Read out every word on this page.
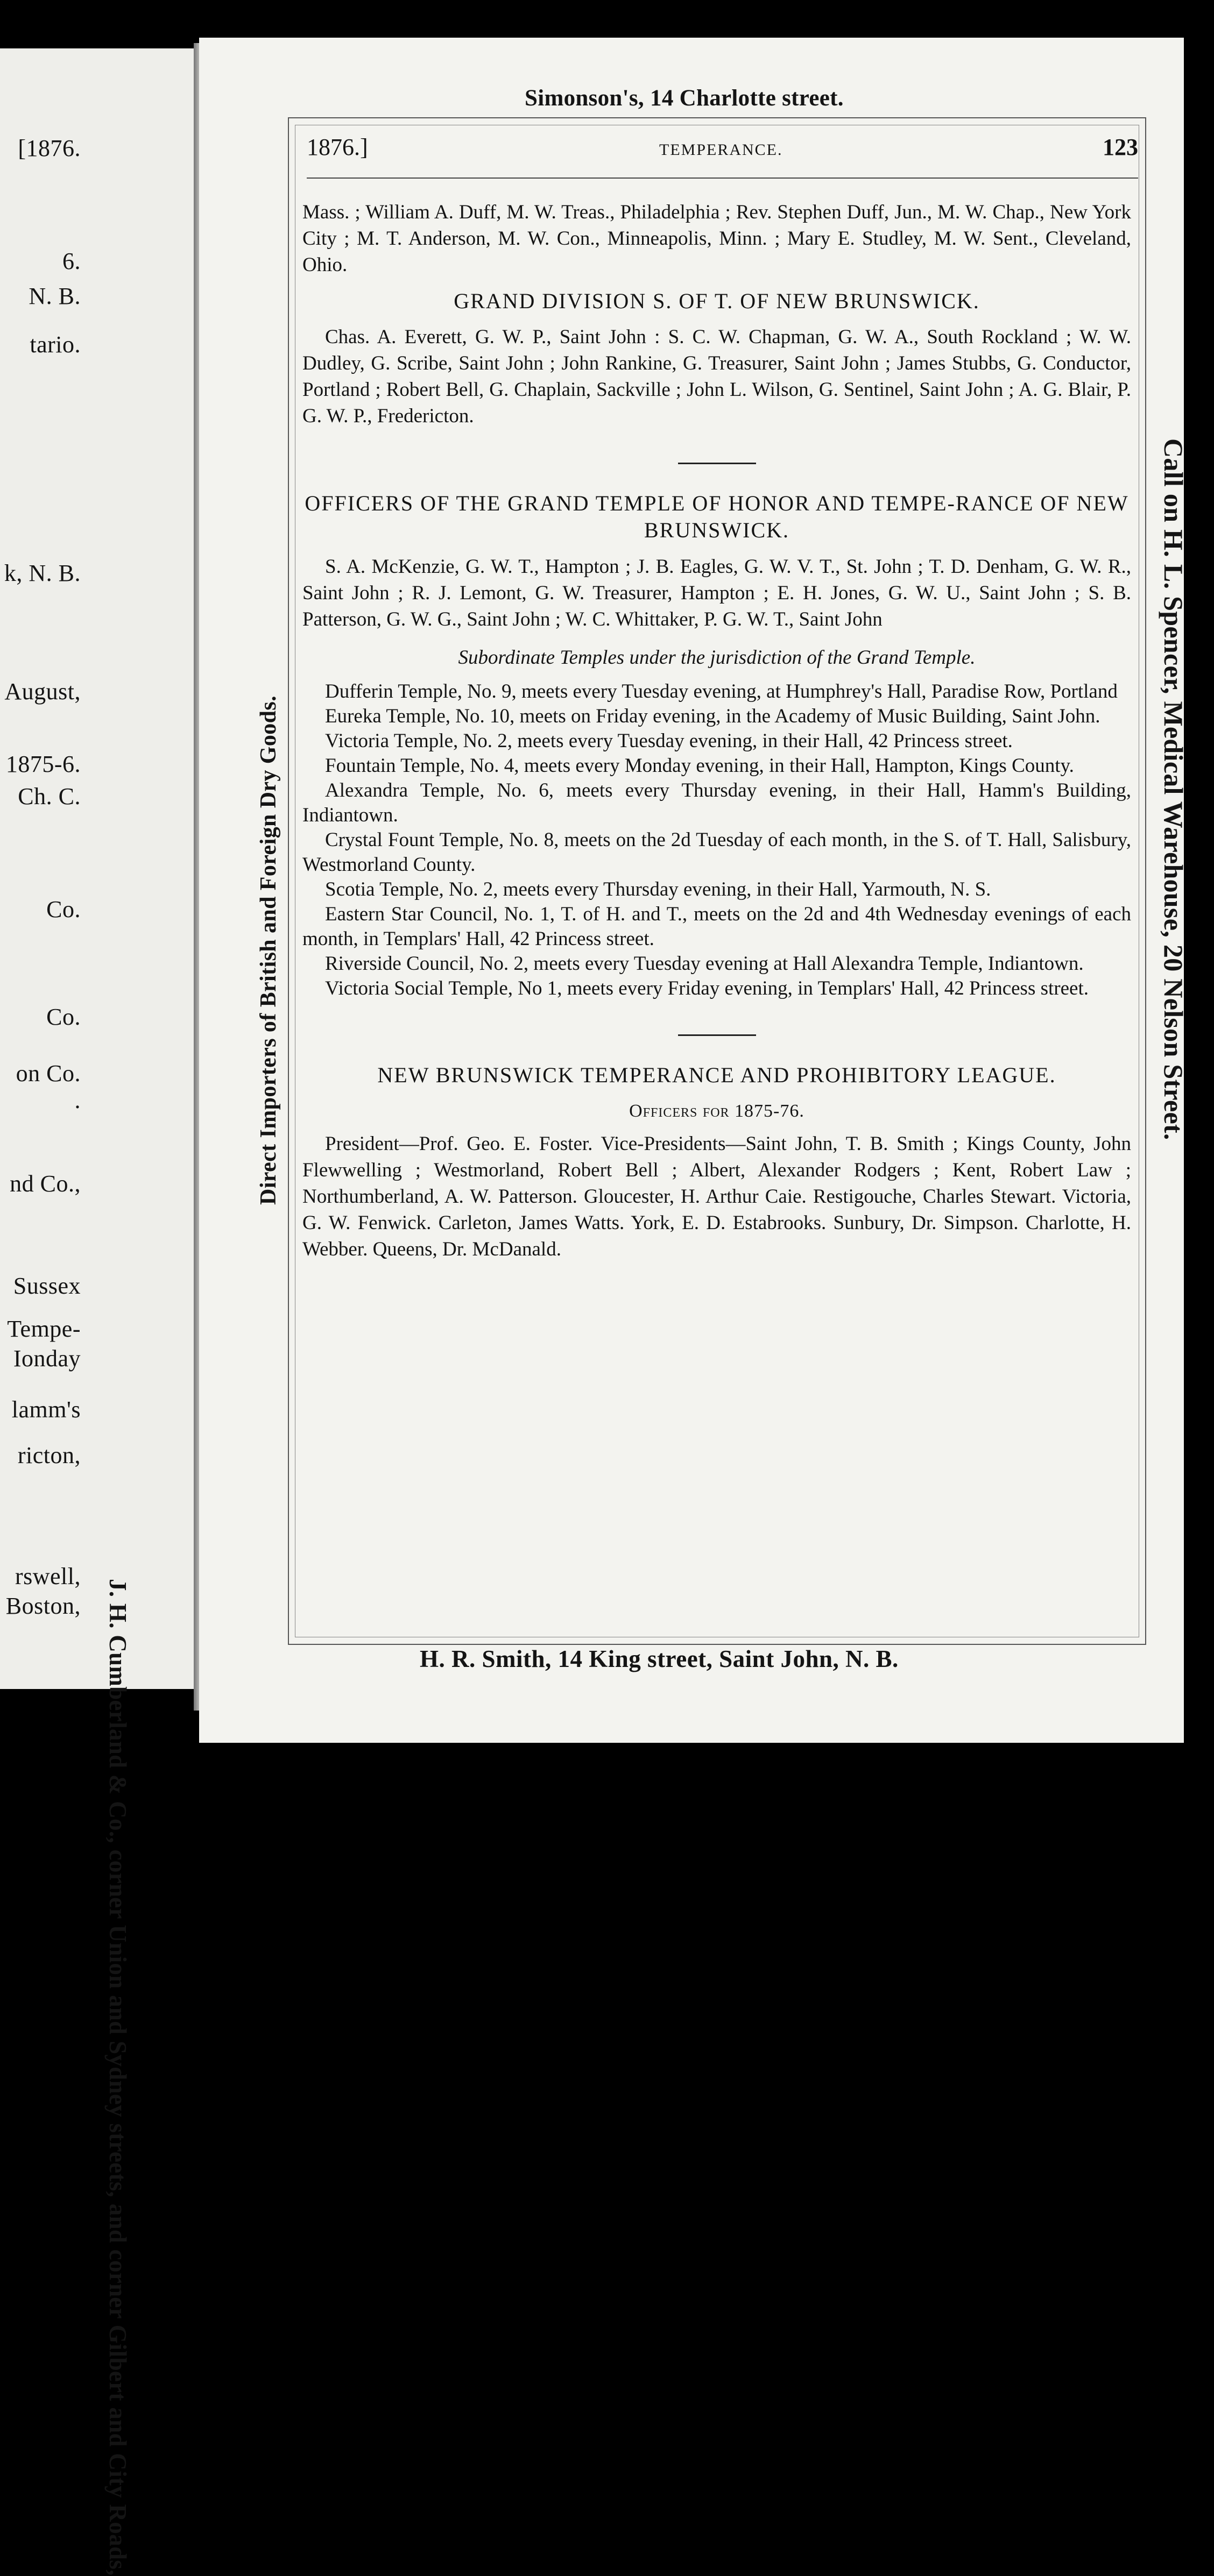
[1876.
6.
N. B.
tario.
k, N. B.
August,
1875-6.
Ch. C.
Co.
Co.
on Co.
.
nd Co.,
Sussex
Tempe-
Ionday
lamm's
ricton,
rswell,
Boston, J. H. Cumberland & Co., corner Union and Sydney streets, and corner Gilbert and City Roads,
Simonson's, 14 Charlotte street.
Direct Importers of British and Foreign Dry Goods.	Call on H. L. Spencer, Medical Warehouse, 20 Nelson Street.
H. R. Smith, 14 King street, Saint John, N. B.
1876.]	TEMPERANCE.	123

Mass. ; William A. Duff, M. W. Treas., Philadelphia ; Rev. Stephen Duff, Jun., M. W. Chap., New York City ; M. T. Anderson, M. W. Con., Minneapolis, Minn. ; Mary E. Studley, M. W. Sent., Cleveland, Ohio.

GRAND DIVISION S. OF T. OF NEW BRUNSWICK.

Chas. A. Everett, G. W. P., Saint John : S. C. W. Chapman, G. W. A., South Rockland ; W. W. Dudley, G. Scribe, Saint John ; John Rankine, G. Treasurer, Saint John ; James Stubbs, G. Conductor, Portland ; Robert Bell, G. Chaplain, Sackville ; John L. Wilson, G. Sentinel, Saint John ; A. G. Blair, P. G. W. P., Fredericton.

OFFICERS OF THE GRAND TEMPLE OF HONOR AND TEMPE-RANCE OF NEW BRUNSWICK.

S. A. McKenzie, G. W. T., Hampton ; J. B. Eagles, G. W. V. T., St. John ; T. D. Denham, G. W. R., Saint John ; R. J. Lemont, G. W. Treasurer, Hampton ; E. H. Jones, G. W. U., Saint John ; S. B. Patterson, G. W. G., Saint John ; W. C. Whittaker, P. G. W. T., Saint John

Subordinate Temples under the jurisdiction of the Grand Temple.

Dufferin Temple, No. 9, meets every Tuesday evening, at Humphrey's Hall, Paradise Row, Portland

Eureka Temple, No. 10, meets on Friday evening, in the Academy of Music Building, Saint John.

Victoria Temple, No. 2, meets every Tuesday evening, in their Hall, 42 Princess street.

Fountain Temple, No. 4, meets every Monday evening, in their Hall, Hampton, Kings County.

Alexandra Temple, No. 6, meets every Thursday evening, in their Hall, Hamm's Building, Indiantown.

Crystal Fount Temple, No. 8, meets on the 2d Tuesday of each month, in the S. of T. Hall, Salisbury, Westmorland County.

Scotia Temple, No. 2, meets every Thursday evening, in their Hall, Yarmouth, N. S.

Eastern Star Council, No. 1, T. of H. and T., meets on the 2d and 4th Wednesday evenings of each month, in Templars' Hall, 42 Princess street.

Riverside Council, No. 2, meets every Tuesday evening at Hall Alexandra Temple, Indiantown.

Victoria Social Temple, No 1, meets every Friday evening, in Templars' Hall, 42 Princess street.

NEW BRUNSWICK TEMPERANCE AND PROHIBITORY LEAGUE.
Officers for 1875-76.

President—Prof. Geo. E. Foster. Vice-Presidents—Saint John, T. B. Smith ; Kings County, John Flewwelling ; Westmorland, Robert Bell ; Albert, Alexander Rodgers ; Kent, Robert Law ; Northumberland, A. W. Patterson. Gloucester, H. Arthur Caie. Restigouche, Charles Stewart. Victoria, G. W. Fenwick. Carleton, James Watts. York, E. D. Estabrooks. Sunbury, Dr. Simpson. Charlotte, H. Webber. Queens, Dr. McDanald.
